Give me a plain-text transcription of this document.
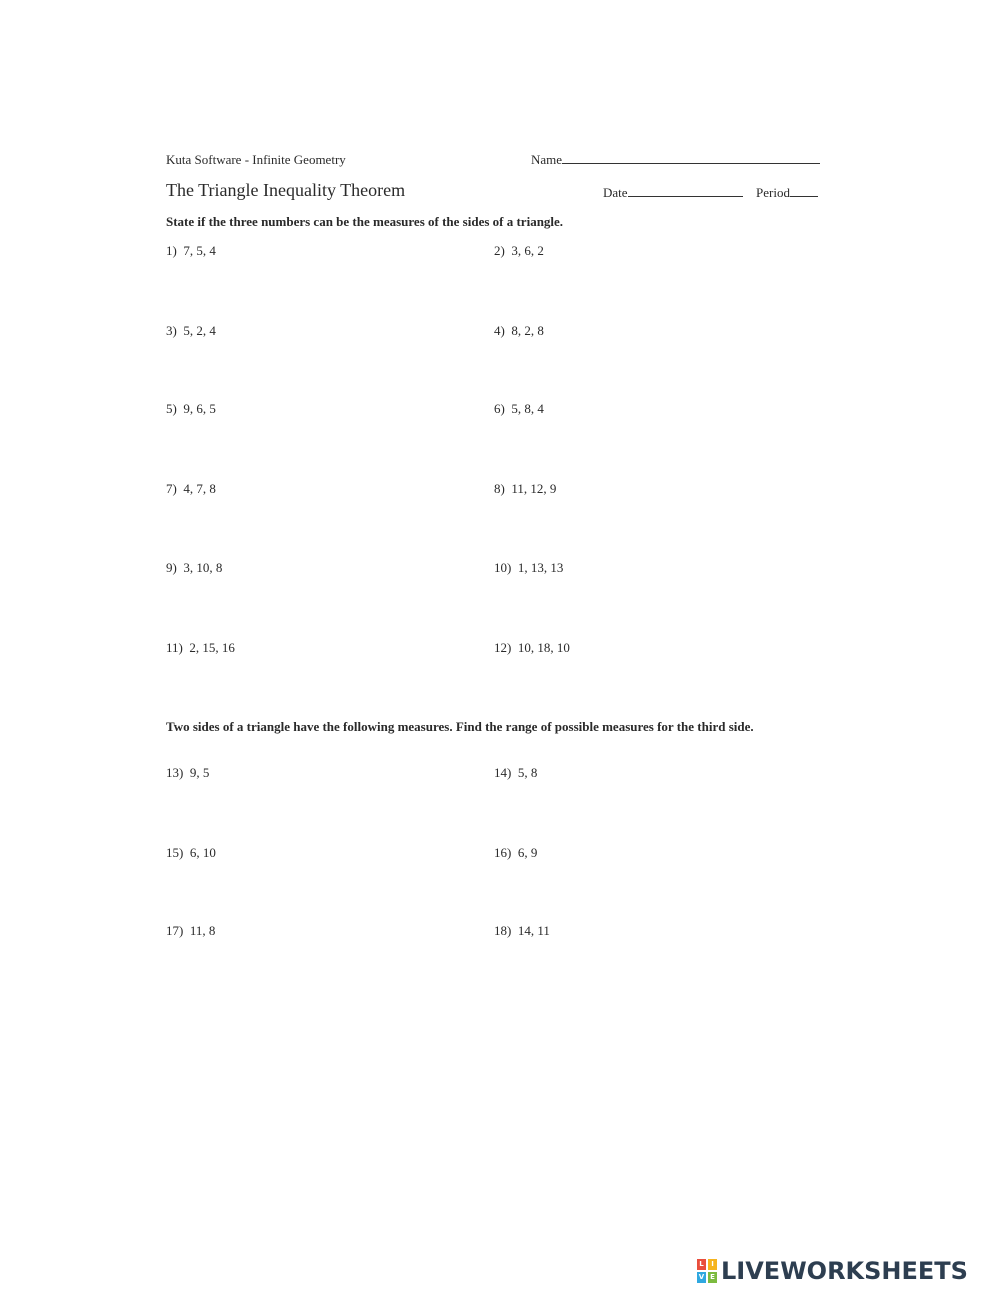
Kuta Software - Infinite Geometry	Name
The Triangle Inequality Theorem	Date	Period
State if the three numbers can be the measures of the sides of a triangle.
1) 7, 5, 4	2) 3, 6, 2
3) 5, 2, 4	4) 8, 2, 8
5) 9, 6, 5	6) 5, 8, 4
7) 4, 7, 8	8) 11, 12, 9
9) 3, 10, 8	10) 1, 13, 13
11) 2, 15, 16	12) 10, 18, 10
Two sides of a triangle have the following measures. Find the range of possible measures for the third side.
13) 9, 5	14) 5, 8
15) 6, 10	16) 6, 9
17) 11, 8	18) 14, 11
L	I
V E LIVEWORKSHEETS
